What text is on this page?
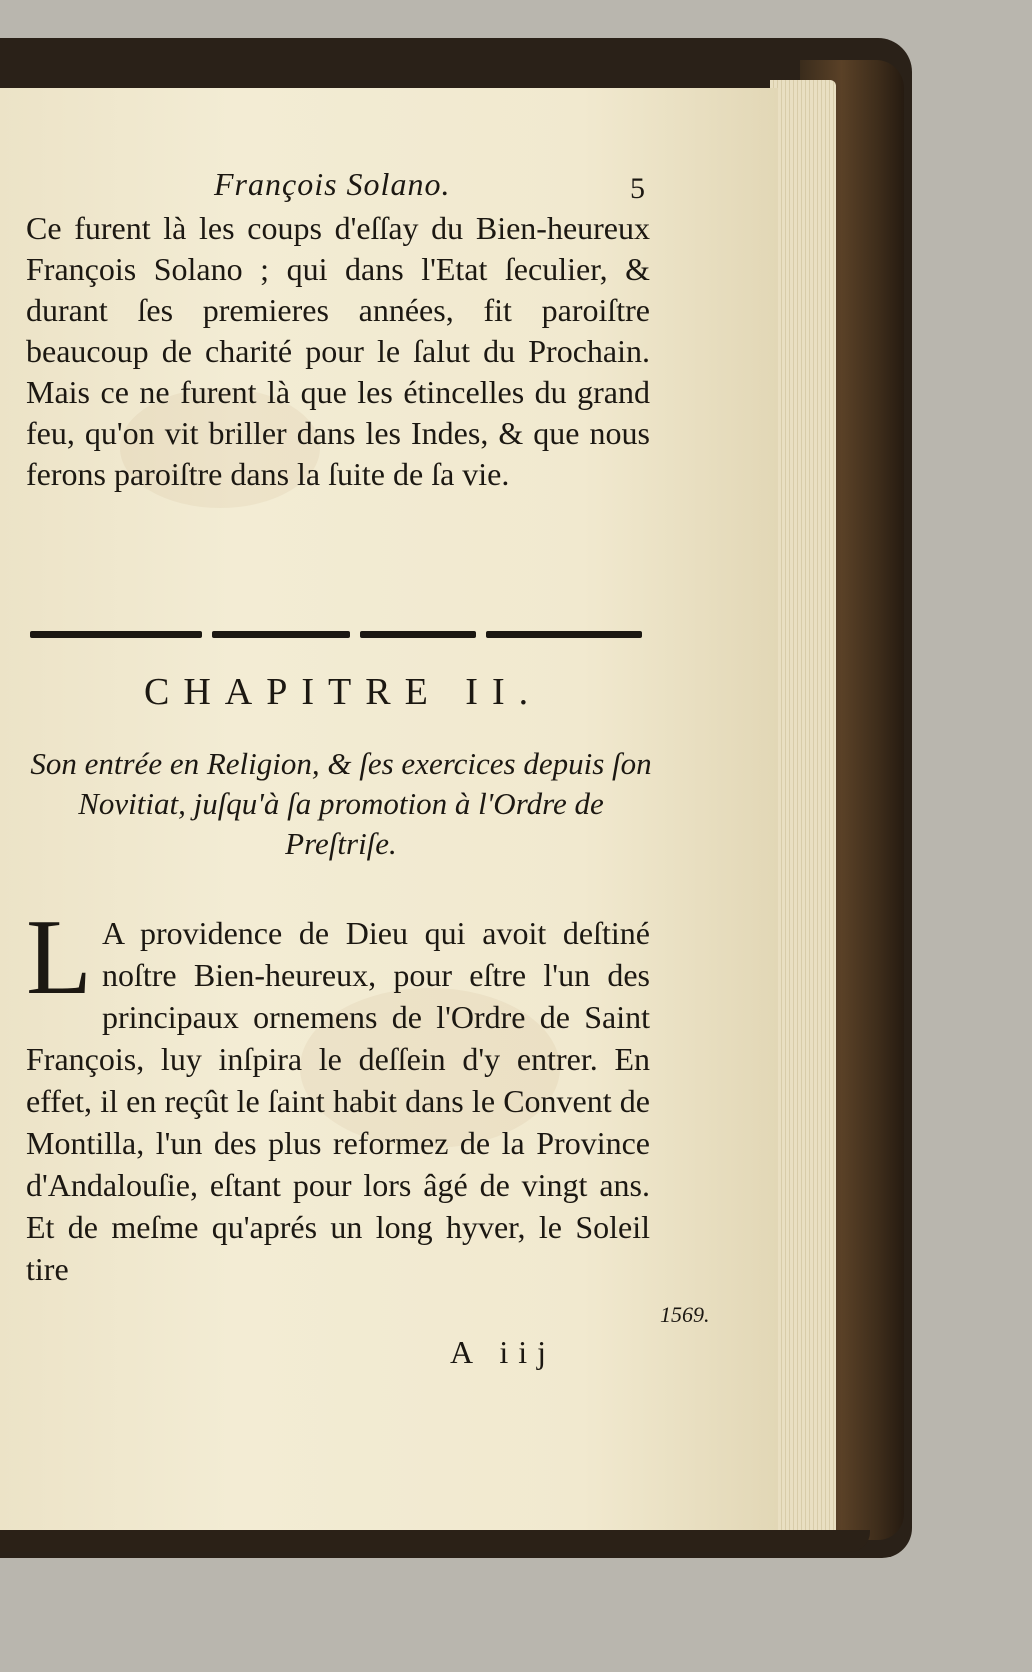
François Solano.	5
Ce furent là les coups d'eſſay du Bien-heureux François Solano ; qui dans l'Etat ſeculier, & durant ſes premieres années, fit paroiſtre beaucoup de charité pour le ſalut du Prochain. Mais ce ne furent là que les étincelles du grand feu, qu'on vit briller dans les Indes, & que nous ferons paroiſtre dans la ſuite de ſa vie.
CHAPITRE II.
Son entrée en Religion, & ſes exercices depuis ſon Novitiat, juſqu'à ſa promotion à l'Ordre de Preſtriſe.
L A providence de Dieu qui avoit deſtiné noſtre Bien-heureux, pour eſtre l'un des principaux ornemens de l'Ordre de Saint François, luy inſpira le deſſein d'y entrer. En effet, il en reçût le ſaint habit dans le Convent de Montilla, l'un des plus reformez de la Province d'Andalouſie, eſtant pour lors âgé de vingt ans. Et de meſme qu'aprés un long hyver, le Soleil tire
1569.
A iij
